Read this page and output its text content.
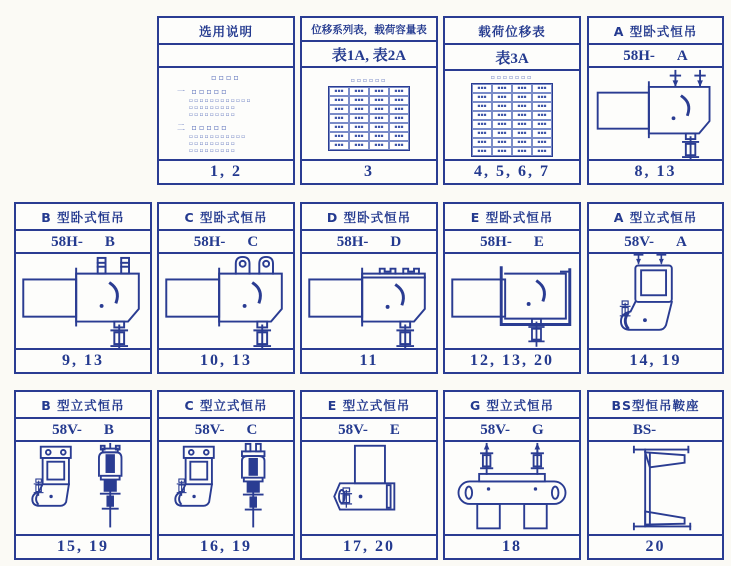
选用说明
▫▫▫▫
一 ▫▫▫▫▫
▫▫▫▫▫▫▫▫▫▫▫▫
▫▫▫▫▫▫▫▫▫
▫▫▫▫▫▫▫▫▫
二 ▫▫▫▫▫
▫▫▫▫▫▫▫▫▫▫▫
▫▫▫▫▫▫▫▫▫
▫▫▫▫▫▫▫▫▫
1, 2
位移系列表，载荷容量表
表1A, 表2A
▫▫▫▫▫▫
▪▪▪	▪▪▪	▪▪▪	▪▪▪
▪▪▪	▪▪▪	▪▪▪	▪▪▪
▪▪▪	▪▪▪	▪▪▪	▪▪▪
▪▪▪	▪▪▪	▪▪▪	▪▪▪
▪▪▪	▪▪▪	▪▪▪	▪▪▪
▪▪▪	▪▪▪	▪▪▪	▪▪▪
▪▪▪	▪▪▪	▪▪▪	▪▪▪
3
载荷位移表
表3A
▫▫▫▫▫▫▫
▪▪▪	▪▪▪	▪▪▪	▪▪▪
▪▪▪	▪▪▪	▪▪▪	▪▪▪
▪▪▪	▪▪▪	▪▪▪	▪▪▪
▪▪▪	▪▪▪	▪▪▪	▪▪▪
▪▪▪	▪▪▪	▪▪▪	▪▪▪
▪▪▪	▪▪▪	▪▪▪	▪▪▪
▪▪▪	▪▪▪	▪▪▪	▪▪▪
▪▪▪	▪▪▪	▪▪▪	▪▪▪
4, 5, 6, 7
A 型卧式恒吊
58H- A
8, 13
B 型卧式恒吊
58H- B
9, 13
C 型卧式恒吊
58H- C
10, 13
D 型卧式恒吊
58H- D
11
E 型卧式恒吊
58H- E
12, 13, 20
A 型立式恒吊
58V- A
14, 19
B 型立式恒吊
58V- B
15, 19
C 型立式恒吊
58V- C
16, 19
E 型立式恒吊
58V- E
17, 20
G 型立式恒吊
58V- G
18
BS型恒吊鞍座
BS-
20
